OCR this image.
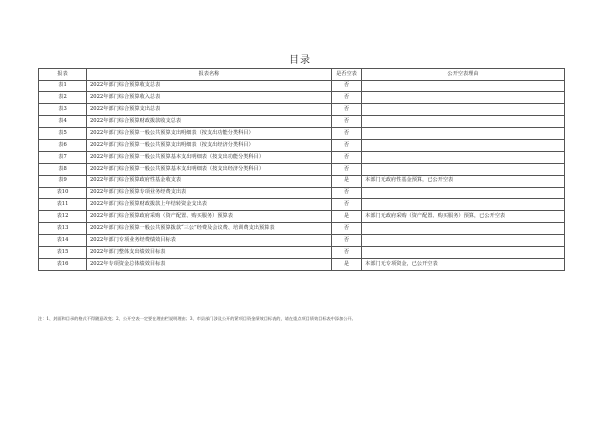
目录
报表	报表名称	是否空表	公开空表理由
表1	2022年部门综合预算收支总表	否	
表2	2022年部门综合预算收入总表	否	
表3	2022年部门综合预算支出总表	否	
表4	2022年部门综合预算财政拨款收支总表	否	
表5	2022年部门综合预算一般公共预算支出明细表（按支出功能分类科目）	否	
表6	2022年部门综合预算一般公共预算支出明细表（按支出经济分类科目）	否	
表7	2022年部门综合预算一般公共预算基本支出明细表（按支出功能分类科目）	否	
表8	2022年部门综合预算一般公共预算基本支出明细表（按支出经济分类科目）	否	
表9	2022年部门综合预算政府性基金收支表	是	本部门无政府性基金预算，已公开空表
表10	2022年部门综合预算专项业务经费支出表	否	
表11	2022年部门综合预算财政拨款上年结转资金支出表	否	
表12	2022年部门综合预算政府采购（资产配置、购买服务）预算表	是	本部门无政府采购（资产配置、购买服务）预算，已公开空表
表13	2022年部门综合预算一般公共预算拨款“三公”经费及会议费、培训费支出预算表	否	
表14	2022年部门专项业务经费绩效目标表	否	
表15	2022年部门整体支出绩效目标表	否	
表16	2022年专项资金总体绩效目标表	是	本部门无专项资金，已公开空表
注：1、封面和目录的格式不得随意改变；2、公开空表一定要在理由栏说明理由；3、市县部门涉及公开的紧项目资金绩效目标表的，请在重点项目绩效目标表中添加公开。
